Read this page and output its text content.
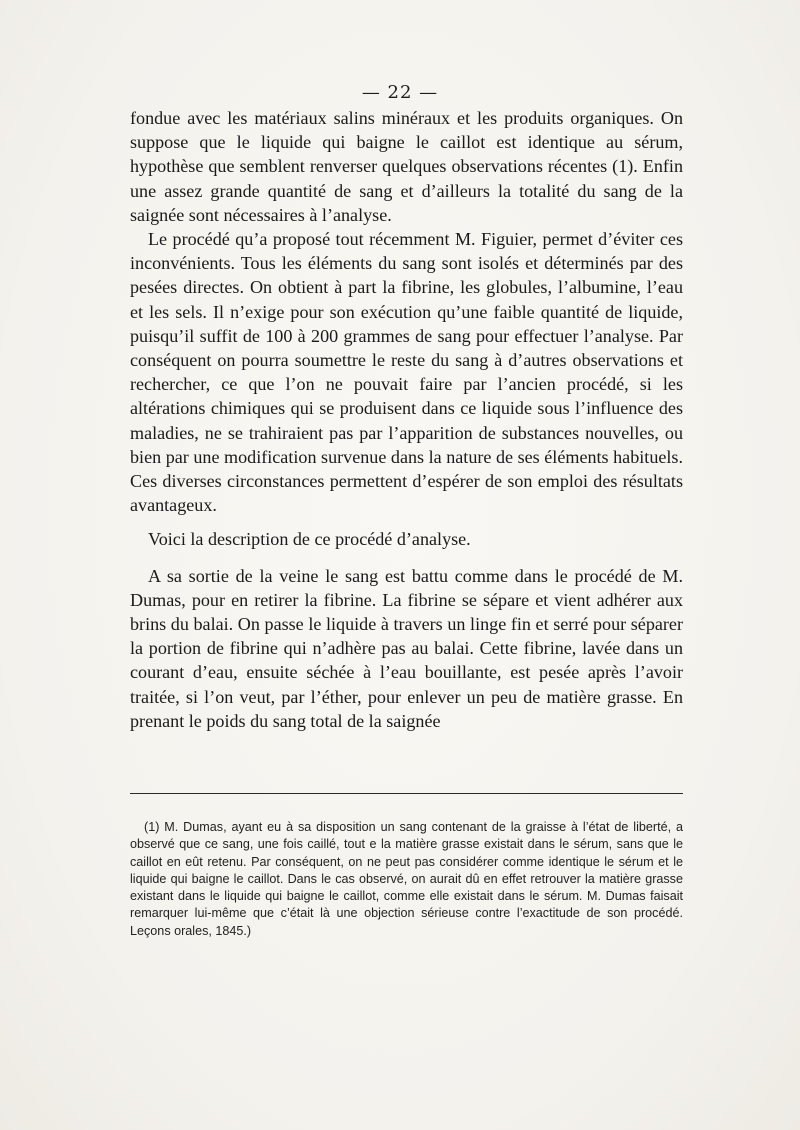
— 22 —

fondue avec les matériaux salins minéraux et les produits organiques. On suppose que le liquide qui baigne le caillot est identique au sérum, hypothèse que semblent renverser quelques observations récentes (1). Enfin une assez grande quantité de sang et d’ailleurs la totalité du sang de la saignée sont nécessaires à l’analyse.

Le procédé qu’a proposé tout récemment M. Figuier, permet d’éviter ces inconvénients. Tous les éléments du sang sont isolés et déterminés par des pesées directes. On obtient à part la fibrine, les globules, l’albumine, l’eau et les sels. Il n’exige pour son exécution qu’une faible quantité de liquide, puisqu’il suffit de 100 à 200 grammes de sang pour effectuer l’analyse. Par conséquent on pourra soumettre le reste du sang à d’autres observations et rechercher, ce que l’on ne pouvait faire par l’ancien procédé, si les altérations chimiques qui se produisent dans ce liquide sous l’influence des maladies, ne se trahiraient pas par l’apparition de substances nouvelles, ou bien par une modification survenue dans la nature de ses éléments habituels. Ces diverses circonstances permettent d’espérer de son emploi des résultats avantageux.

Voici la description de ce procédé d’analyse.

A sa sortie de la veine le sang est battu comme dans le procédé de M. Dumas, pour en retirer la fibrine. La fibrine se sépare et vient adhérer aux brins du balai. On passe le liquide à travers un linge fin et serré pour séparer la portion de fibrine qui n’adhère pas au balai. Cette fibrine, lavée dans un courant d’eau, ensuite séchée à l’eau bouillante, est pesée après l’avoir traitée, si l’on veut, par l’éther, pour enlever un peu de matière grasse. En prenant le poids du sang total de la saignée

(1) M. Dumas, ayant eu à sa disposition un sang contenant de la graisse à l’état de liberté, a observé que ce sang, une fois caillé, tout e la matière grasse existait dans le sérum, sans que le caillot en eût retenu. Par conséquent, on ne peut pas considérer comme identique le sérum et le liquide qui baigne le caillot. Dans le cas observé, on aurait dû en effet retrouver la matière grasse existant dans le liquide qui baigne le caillot, comme elle existait dans le sérum. M. Dumas faisait remarquer lui-même que c’était là une objection sérieuse contre l’exactitude de son procédé. Leçons orales, 1845.)
